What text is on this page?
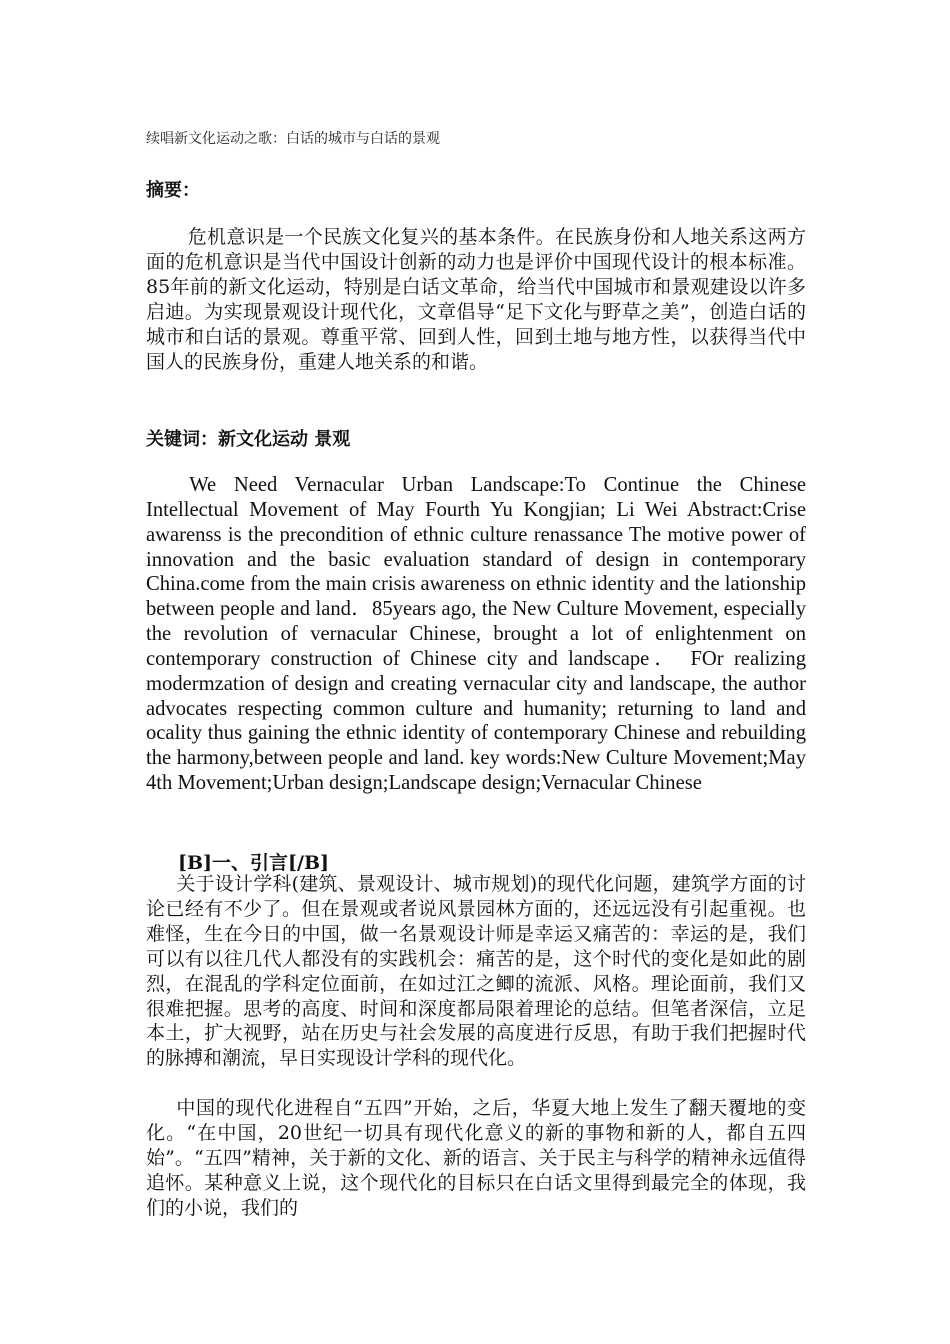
续唱新文化运动之歌：白话的城市与白话的景观
摘要：

危机意识是一个民族文化复兴的基本条件。在民族身份和人地关系这两方面的危机意识是当代中国设计创新的动力也是评价中国现代设计的根本标准。85年前的新文化运动，特别是白话文革命，给当代中国城市和景观建设以许多启迪。为实现景观设计现代化，文章倡导“足下文化与野草之美”，创造白话的城市和白话的景观。尊重平常、回到人性，回到土地与地方性，以获得当代中国人的民族身份，重建人地关系的和谐。

关键词：新文化运动 景观

We Need Vernacular Urban Landscape:To Continue the Chinese Intellectual Movement of May Fourth Yu Kongjian; Li Wei Abstract:Crise awarenss is the precondition of ethnic culture renassance The motive power of innovation and the basic evaluation standard of design in contemporary China.come from the main crisis awareness on ethnic identity and the lationship between people and land．85years ago, the New Culture Movement, especially the revolution of vernacular Chinese, brought a lot of enlightenment on contemporary construction of Chinese city and landscape． FOr realizing modermzation of design and creating vernacular city and landscape, the author advocates respecting common culture and humanity; returning to land and ocality thus gaining the ethnic identity of contemporary Chinese and rebuilding the harmony,between people and land. key words:New Culture Movement;May 4th Movement;Urban design;Landscape design;Vernacular Chinese

[B]一、引言[/B]

关于设计学科(建筑、景观设计、城市规划)的现代化问题，建筑学方面的讨论已经有不少了。但在景观或者说风景园林方面的，还远远没有引起重视。也难怪，生在今日的中国，做一名景观设计师是幸运又痛苦的：幸运的是，我们可以有以往几代人都没有的实践机会：痛苦的是，这个时代的变化是如此的剧烈，在混乱的学科定位面前，在如过江之鲫的流派、风格。理论面前，我们又很难把握。思考的高度、时间和深度都局限着理论的总结。但笔者深信，立足本土，扩大视野，站在历史与社会发展的高度进行反思，有助于我们把握时代的脉搏和潮流，早日实现设计学科的现代化。

中国的现代化进程自“五四”开始，之后，华夏大地上发生了翻天覆地的变化。“在中国，20世纪一切具有现代化意义的新的事物和新的人，都自五四始”。“五四”精神，关于新的文化、新的语言、关于民主与科学的精神永远值得追怀。某种意义上说，这个现代化的目标只在白话文里得到最完全的体现，我们的小说，我们的
